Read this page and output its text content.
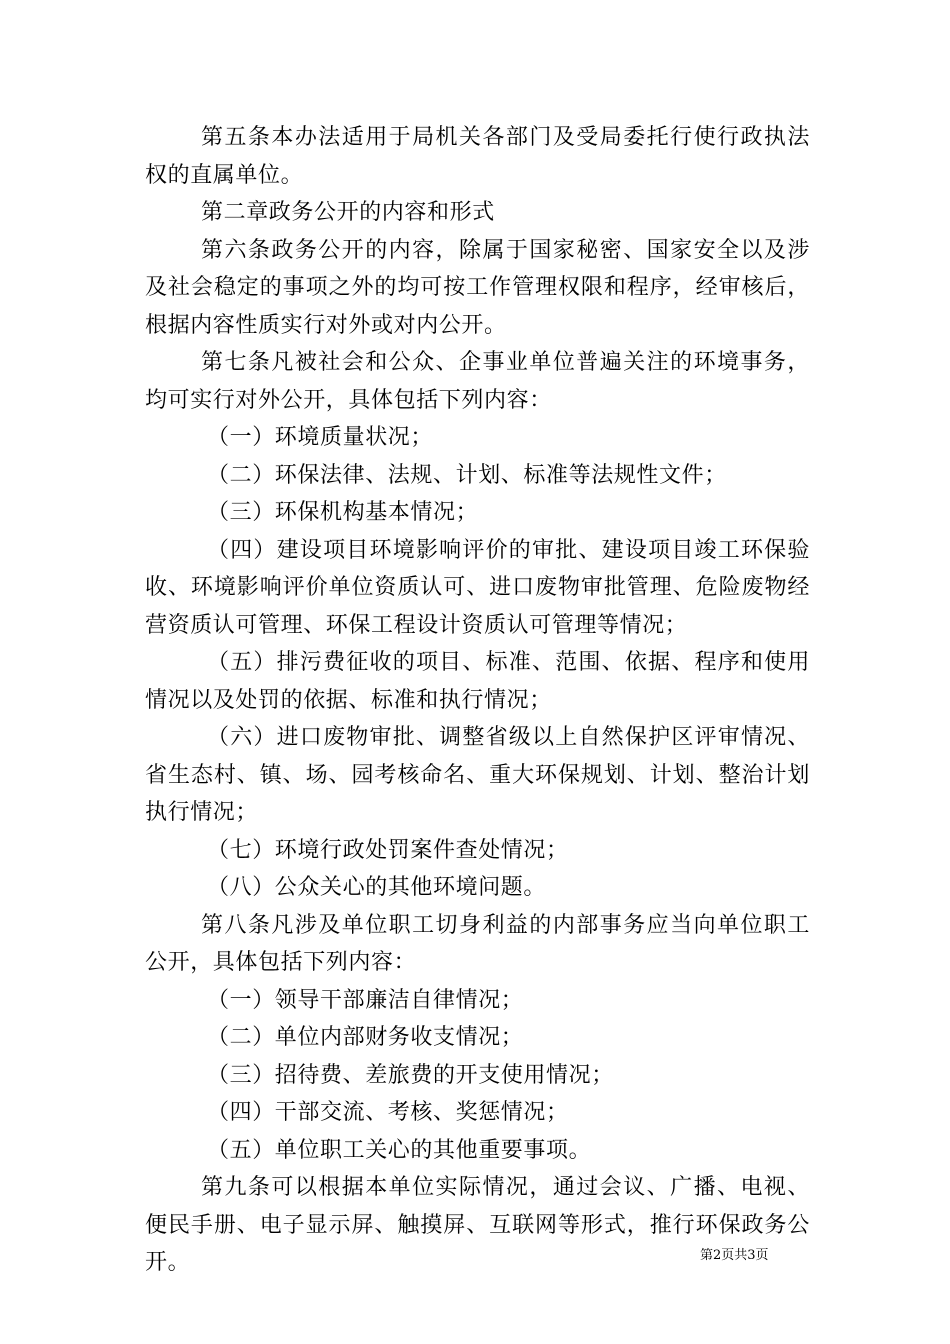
第五条本办法适用于局机关各部门及受局委托行使行政执法权的直属单位。

第二章政务公开的内容和形式

第六条政务公开的内容，除属于国家秘密、国家安全以及涉及社会稳定的事项之外的均可按工作管理权限和程序，经审核后，根据内容性质实行对外或对内公开。

第七条凡被社会和公众、企事业单位普遍关注的环境事务，均可实行对外公开，具体包括下列内容：

（一）环境质量状况；

（二）环保法律、法规、计划、标准等法规性文件；

（三）环保机构基本情况；

（四）建设项目环境影响评价的审批、建设项目竣工环保验收、环境影响评价单位资质认可、进口废物审批管理、危险废物经营资质认可管理、环保工程设计资质认可管理等情况；

（五）排污费征收的项目、标准、范围、依据、程序和使用情况以及处罚的依据、标准和执行情况；

（六）进口废物审批、调整省级以上自然保护区评审情况、省生态村、镇、场、园考核命名、重大环保规划、计划、整治计划执行情况；

（七）环境行政处罚案件查处情况；

（八）公众关心的其他环境问题。

第八条凡涉及单位职工切身利益的内部事务应当向单位职工公开，具体包括下列内容：

（一）领导干部廉洁自律情况；

（二）单位内部财务收支情况；

（三）招待费、差旅费的开支使用情况；

（四）干部交流、考核、奖惩情况；

（五）单位职工关心的其他重要事项。

第九条可以根据本单位实际情况，通过会议、广播、电视、便民手册、电子显示屏、触摸屏、互联网等形式，推行环保政务公开。	第2页共3页
